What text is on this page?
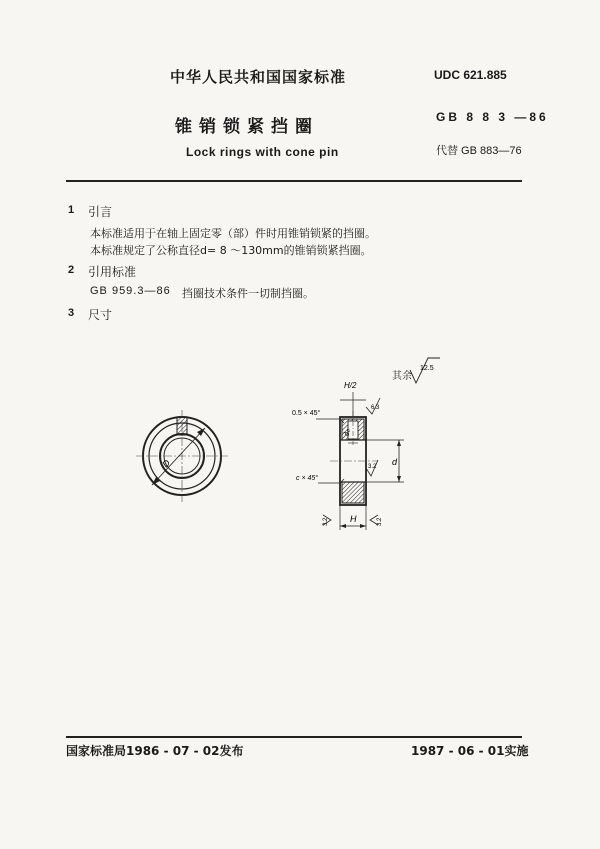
中华人民共和国国家标准	UDC 621.885
锥销锁紧挡圈	GB 8 8 3 —86
Lock rings with cone pin	代替 GB 883—76
1 引言
本标准适用于在轴上固定零（部）件时用锥销锁紧的挡圈。
本标准规定了公称直径d= 8 ～130mm的锥销锁紧挡圈。
2 引用标准
GB 959.3—86 挡圈技术条件一切制挡圈。
3 尺寸
D
H/2
H
d
d₀
0.5 × 45°
c × 45°
12.5
6.3
3.2
3.2	3.2
其余
国家标准局1986 - 07 - 02发布	1987 - 06 - 01实施
